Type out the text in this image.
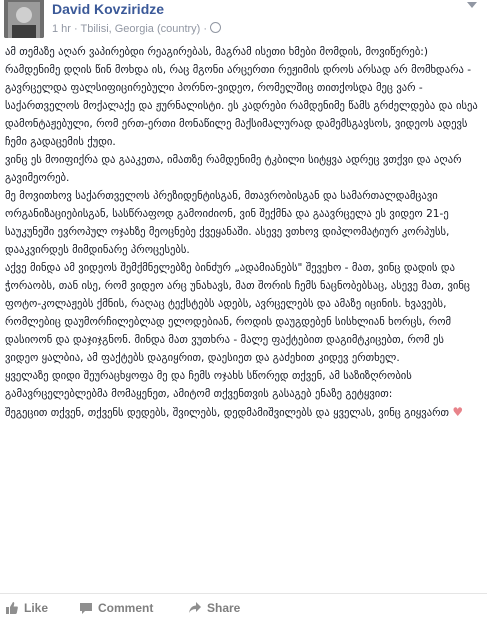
David Kovziridze
1 hr · Tbilisi, Georgia (country) ·

ამ თემაზე აღარ ვაპირებდი რეაგირებას, მაგრამ ისეთი ხმები მომდის, მოვიწერებ:)

რამდენიმე დღის წინ მოხდა ის, რაც მგონი არცერთი რეჟიმის დროს არსად არ მომხდარა - გავრცელდა ფალსიფიცირებული პორნო-ვიდეო, რომელშიც თითქოსდა მეც ვარ - საქართველოს მოქალაქე და ჟურნალისტი. ეს კადრები რამდენიმე წამს გრძელდება და ისეა დამონტაჟებული, რომ ერთ-ერთი მონაწილე მაქსიმალურად დამემსგავსოს, ვიდეოს ადევს ჩემი გადაცემის ქუდი.

ვინც ეს მოიფიქრა და გააკეთა, იმათზე რამდენიმე ტკბილი სიტყვა ადრეც ვთქვი და აღარ გავიმეორებ.

მე მოვითხოვ საქართველოს პრეზიდენტისგან, მთავრობისგან და სამართალდამცავი ორგანიზაციებისგან, სასწრაფოდ გამოიძიონ, ვინ შექმნა და გაავრცელა ეს ვიდეო 21-ე საუკუნეში ევროპულ ოჯახზე მეოცნებე ქვეყანაში. ასევე ვთხოვ დიპლომატიურ კორპუსს, დააკვირდეს მიმდინარე პროცესებს.

აქვე მინდა ამ ვიდეოს შემქმნელებზე ბინძურ „ადამიანებს" შევეხო - მათ, ვინც დადის და ჭორაობს, თან ისე, რომ ვიდეო არც უნახავს, მათ შორის ჩემს ნაცნობებსაც, ასევე მათ, ვინც ფოტო-კოლაჟებს ქმნის, რაღაც ტექსტებს ადებს, ავრცელებს და ამაზე იცინის. ხვავებს, რომლებიც დაუმორჩილებლად ელოდებიან, როდის დაუგდებენ სისხლიან ხორცს, რომ დასიოონ და დაჯიჯგნონ. მინდა მათ ვუთხრა - მალე ფაქტებით დაგიმტკიცებთ, რომ ეს ვიდეო ყალბია, ამ ფაქტებს დაგიყრით, დაესიეთ და გაძეხით კიდევ ერთხელ.

ყველაზე დიდი შეურაცხყოფა მე და ჩემს ოჯახს სწორედ თქვენ, ამ საზიზღრობის გამავრცელებლებმა მომაყენეთ, ამიტომ თქვენთვის გასაგებ ენაზე გეტყვით:

შეგეცით თქვენ, თქვენს დედებს, შვილებს, დედმამიშვილებს და ყველას, ვინც გიყვართ ♥

Like	Comment	Share
